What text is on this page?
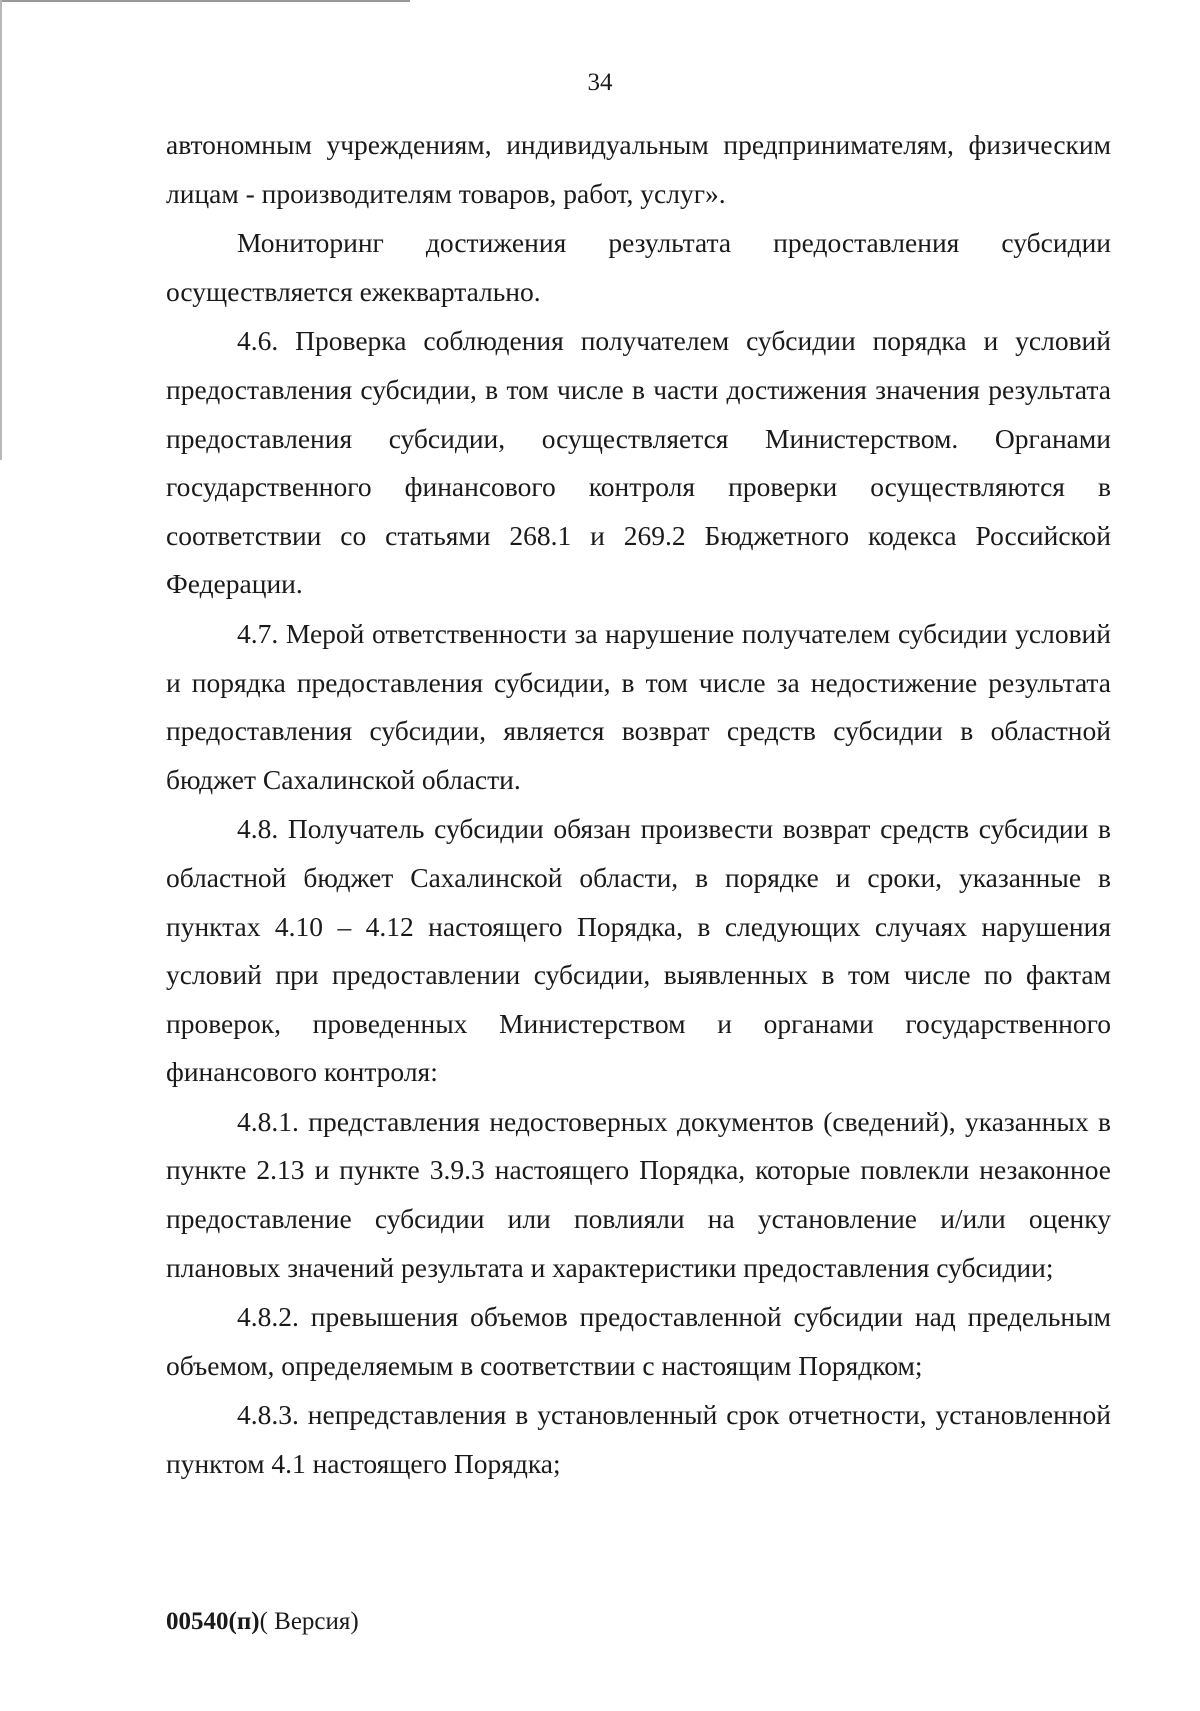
34

автономным учреждениям, индивидуальным предпринимателям, физическим лицам - производителям товаров, работ, услуг».

Мониторинг достижения результата предоставления субсидии осуществляется ежеквартально.

4.6. Проверка соблюдения получателем субсидии порядка и условий предоставления субсидии, в том числе в части достижения значения результата предоставления субсидии, осуществляется Министерством. Органами государственного финансового контроля проверки осуществляются в соответствии со статьями 268.1 и 269.2 Бюджетного кодекса Российской Федерации.

4.7. Мерой ответственности за нарушение получателем субсидии условий и порядка предоставления субсидии, в том числе за недостижение результата предоставления субсидии, является возврат средств субсидии в областной бюджет Сахалинской области.

4.8. Получатель субсидии обязан произвести возврат средств субсидии в областной бюджет Сахалинской области, в порядке и сроки, указанные в пунктах 4.10 – 4.12 настоящего Порядка, в следующих случаях нарушения условий при предоставлении субсидии, выявленных в том числе по фактам проверок, проведенных Министерством и органами государственного финансового контроля:

4.8.1. представления недостоверных документов (сведений), указанных в пункте 2.13 и пункте 3.9.3 настоящего Порядка, которые повлекли незаконное предоставление субсидии или повлияли на установление и/или оценку плановых значений результата и характеристики предоставления субсидии;

4.8.2. превышения объемов предоставленной субсидии над предельным объемом, определяемым в соответствии с настоящим Порядком;

4.8.3. непредставления в установленный срок отчетности, установленной пунктом 4.1 настоящего Порядка;

00540(п)( Версия)
